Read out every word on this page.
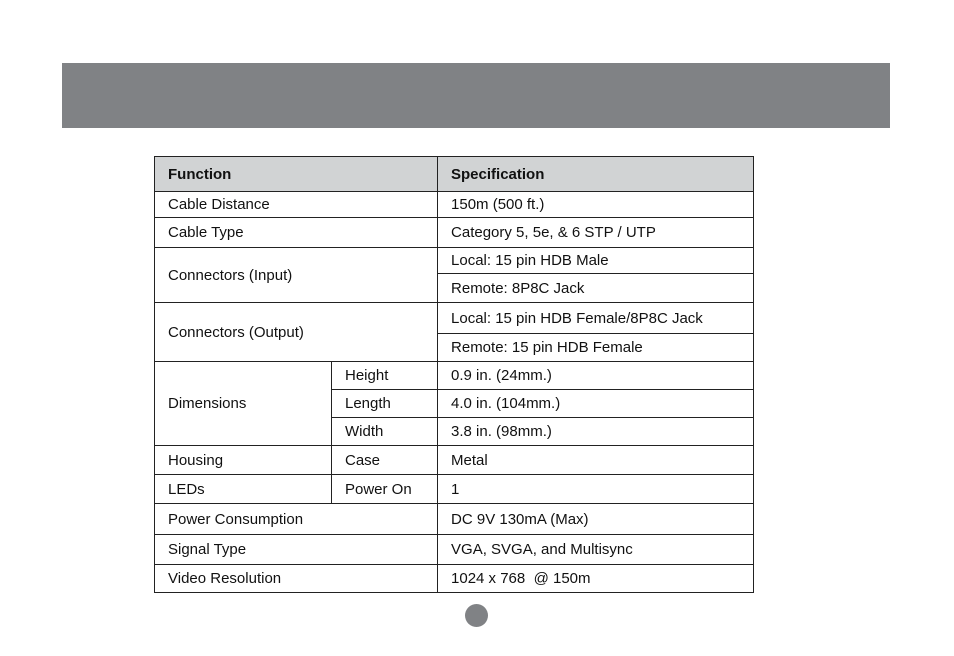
Function		Specification
Cable Distance		150m (500 ft.)
Cable Type		Category 5, 5e, & 6 STP / UTP
Connectors (Input)		Local: 15 pin HDB Male
		Remote: 8P8C Jack
Connectors (Output)		Local: 15 pin HDB Female/8P8C Jack
		Remote: 15 pin HDB Female
Dimensions	Height	0.9 in. (24mm.)
	Length	4.0 in. (104mm.)
	Width	3.8 in. (98mm.)
Housing	Case	Metal
LEDs	Power On	1
Power Consumption		DC 9V 130mA (Max)
Signal Type		VGA, SVGA, and Multisync
Video Resolution		1024 x 768  @ 150m
